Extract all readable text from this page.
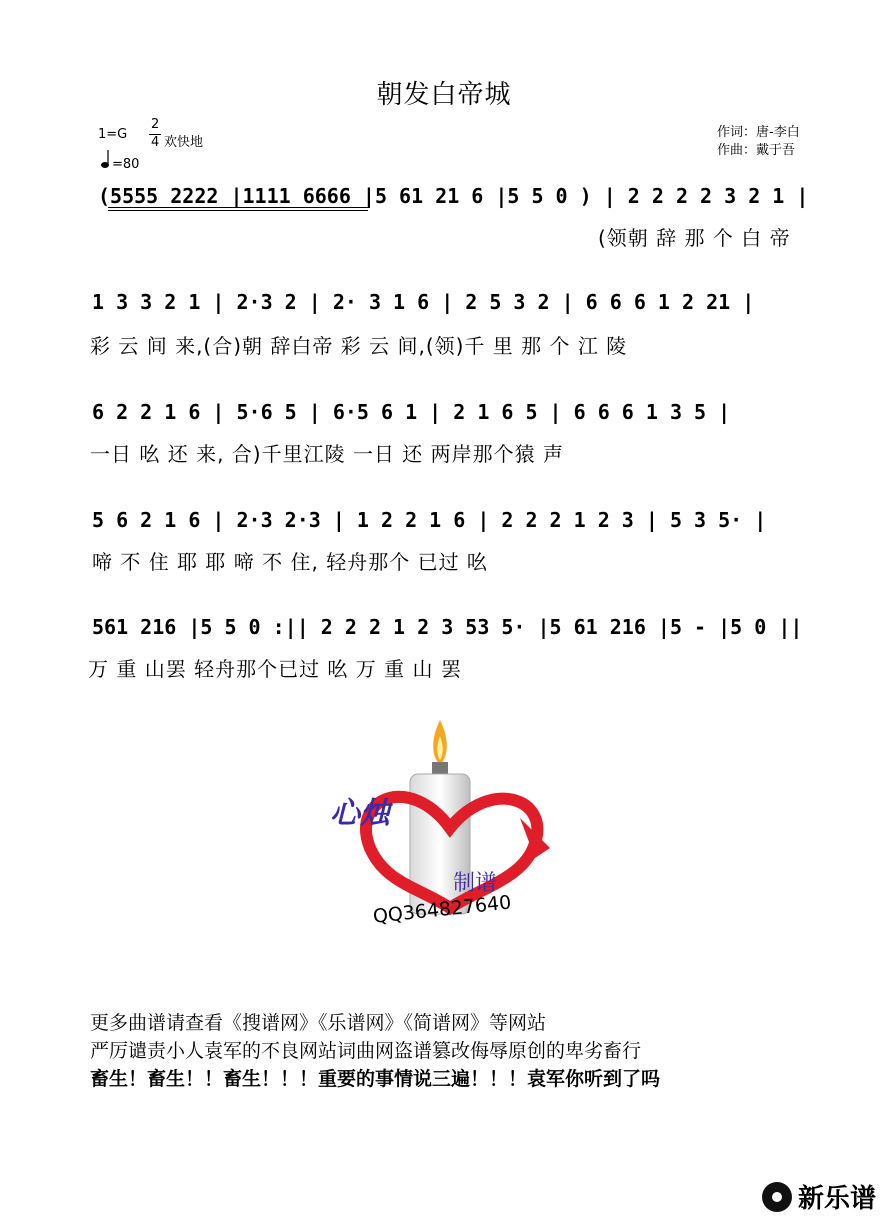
朝发白帝城
1=G
2
4 欢快地
=80
作词：唐-李白
作曲：戴于吾
(5555 2222 |1111 6666 |5 61 21 6 |5 5 0 ) | 2 2 2 2 3 2 1 |
(领朝 辞 那 个 白 帝
1 3 3 2 1 | 2·3 2 | 2· 3 1 6 | 2 5 3 2 | 6 6 6 1 2 21 |
彩 云 间 来,(合)朝 辞白帝 彩 云 间,(领)千 里 那 个 江 陵
6 2 2 1 6 | 5·6 5 | 6·5 6 1 | 2 1 6 5 | 6 6 6 1 3 5 |
一日 吆 还 来, 合)千里江陵 一日 还 两岸那个猿 声
5 6 2 1 6 | 2·3 2·3 | 1 2 2 1 6 | 2 2 2 1 2 3 | 5 3 5· |
啼 不 住 耶 耶 啼 不 住, 轻舟那个 已过 吆
561 216 |5 5 0 :|| 2 2 2 1 2 3 53 5· |5 61 216 |5 - |5 0 ||
万 重 山罢 轻舟那个已过 吆 万 重 山 罢
心烛
制谱
QQ364827640
更多曲谱请查看《搜谱网》《乐谱网》《简谱网》等网站
严厉谴责小人袁军的不良网站词曲网盗谱篡改侮辱原创的卑劣畜行
畜生！畜生！！畜生！！！重要的事情说三遍！！！袁军你听到了吗
新乐谱
